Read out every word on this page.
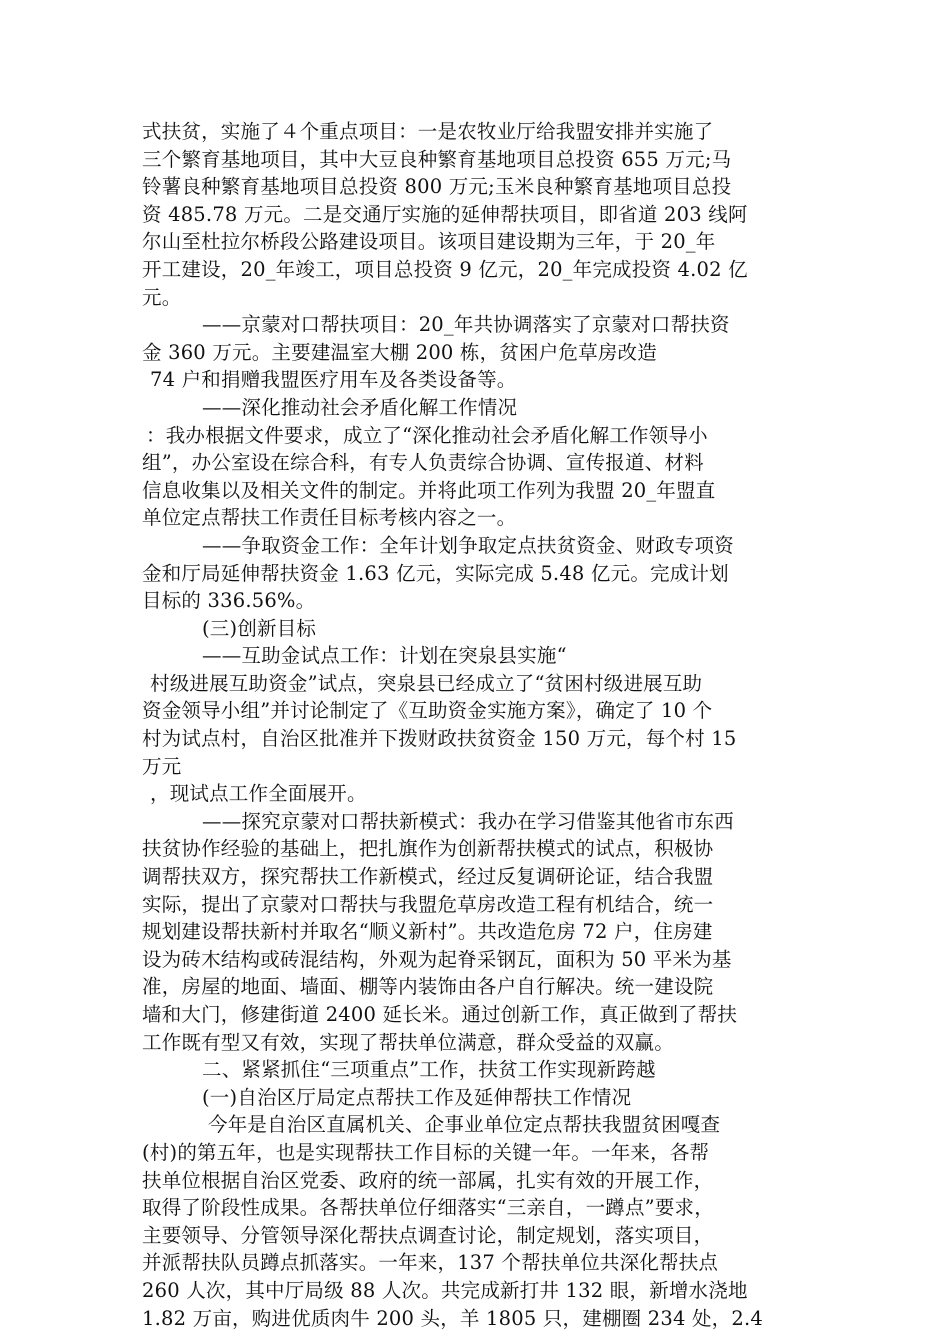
式扶贫，实施了４个重点项目：一是农牧业厅给我盟安排并实施了
三个繁育基地项目，其中大豆良种繁育基地项目总投资 655 万元;马
铃薯良种繁育基地项目总投资 800 万元;玉米良种繁育基地项目总投
资 485.78 万元。二是交通厅实施的延伸帮扶项目，即省道 203 线阿
尔山至杜拉尔桥段公路建设项目。该项目建设期为三年，于 20_年
开工建设，20_年竣工，项目总投资 9 亿元，20_年完成投资 4.02 亿
元。
——京蒙对口帮扶项目：20_年共协调落实了京蒙对口帮扶资
金 360 万元。主要建温室大棚 200 栋，贫困户危草房改造
74 户和捐赠我盟医疗用车及各类设备等。
——深化推动社会矛盾化解工作情况
：我办根据文件要求，成立了“深化推动社会矛盾化解工作领导小
组”，办公室设在综合科，有专人负责综合协调、宣传报道、材料
信息收集以及相关文件的制定。并将此项工作列为我盟 20_年盟直
单位定点帮扶工作责任目标考核内容之一。
——争取资金工作：全年计划争取定点扶贫资金、财政专项资
金和厅局延伸帮扶资金 1.63 亿元，实际完成 5.48 亿元。完成计划
目标的 336.56%。
(三)创新目标
——互助金试点工作：计划在突泉县实施“
村级进展互助资金”试点，突泉县已经成立了“贫困村级进展互助
资金领导小组”并讨论制定了《互助资金实施方案》，确定了 10 个
村为试点村，自治区批准并下拨财政扶贫资金 150 万元，每个村 15
万元
，现试点工作全面展开。
——探究京蒙对口帮扶新模式：我办在学习借鉴其他省市东西
扶贫协作经验的基础上，把扎旗作为创新帮扶模式的试点，积极协
调帮扶双方，探究帮扶工作新模式，经过反复调研论证，结合我盟
实际，提出了京蒙对口帮扶与我盟危草房改造工程有机结合，统一
规划建设帮扶新村并取名“顺义新村”。共改造危房 72 户，住房建
设为砖木结构或砖混结构，外观为起脊采钢瓦，面积为 50 平米为基
准，房屋的地面、墙面、棚等内装饰由各户自行解决。统一建设院
墙和大门，修建街道 2400 延长米。通过创新工作，真正做到了帮扶
工作既有型又有效，实现了帮扶单位满意，群众受益的双赢。
二、紧紧抓住“三项重点”工作，扶贫工作实现新跨越
(一)自治区厅局定点帮扶工作及延伸帮扶工作情况
今年是自治区直属机关、企事业单位定点帮扶我盟贫困嘎查
(村)的第五年，也是实现帮扶工作目标的关键一年。一年来，各帮
扶单位根据自治区党委、政府的统一部属，扎实有效的开展工作，
取得了阶段性成果。各帮扶单位仔细落实“三亲自，一蹲点”要求，
主要领导、分管领导深化帮扶点调查讨论，制定规划，落实项目，
并派帮扶队员蹲点抓落实。一年来，137 个帮扶单位共深化帮扶点
260 人次，其中厅局级 88 人次。共完成新打井 132 眼，新增水浇地
1.82 万亩，购进优质肉牛 200 头，羊 1805 只，建棚圈 234 处，2.4
